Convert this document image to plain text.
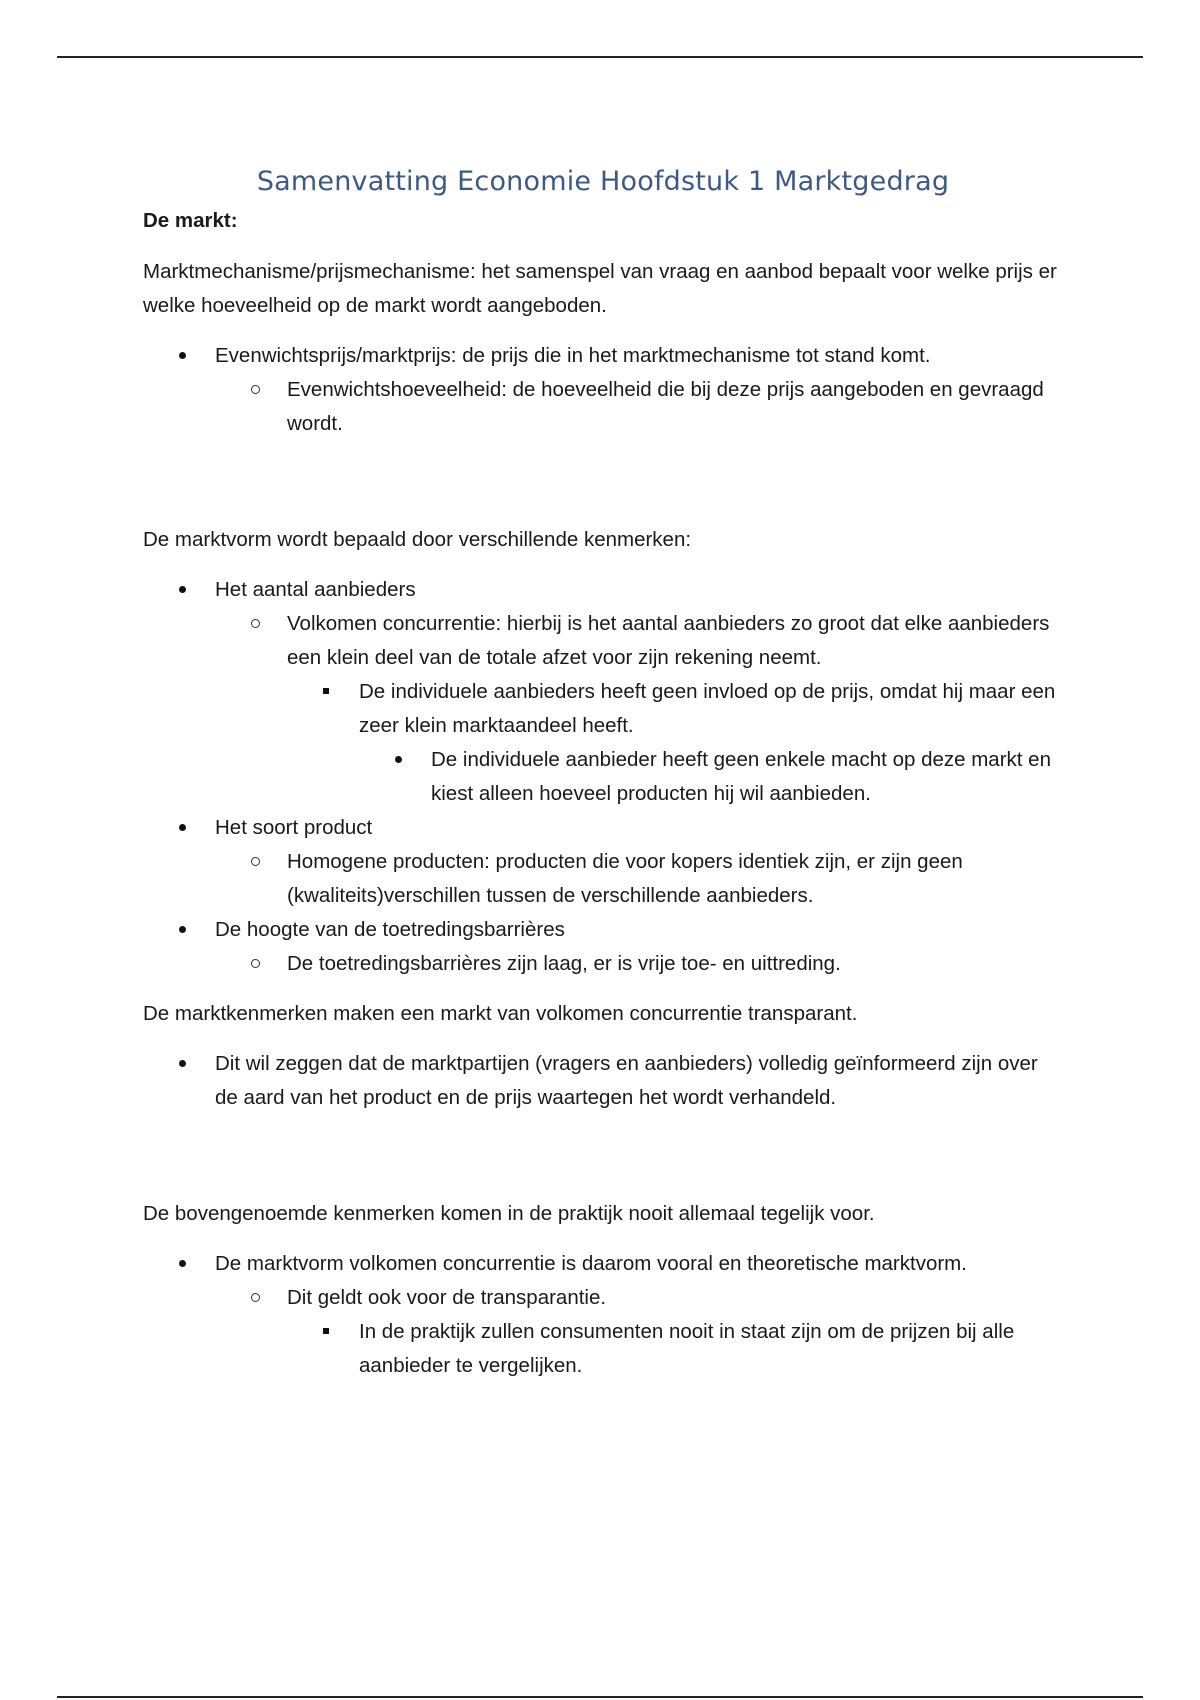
Samenvatting Economie Hoofdstuk 1 Marktgedrag

De markt:

Marktmechanisme/prijsmechanisme: het samenspel van vraag en aanbod bepaalt voor welke prijs er welke hoeveelheid op de markt wordt aangeboden.

Evenwichtsprijs/marktprijs: de prijs die in het marktmechanisme tot stand komt.
Evenwichtshoeveelheid: de hoeveelheid die bij deze prijs aangeboden en gevraagd wordt.

De marktvorm wordt bepaald door verschillende kenmerken:

Het aantal aanbieders
Volkomen concurrentie: hierbij is het aantal aanbieders zo groot dat elke aanbieders een klein deel van de totale afzet voor zijn rekening neemt.
De individuele aanbieders heeft geen invloed op de prijs, omdat hij maar een zeer klein marktaandeel heeft.
De individuele aanbieder heeft geen enkele macht op deze markt en kiest alleen hoeveel producten hij wil aanbieden.
Het soort product
Homogene producten: producten die voor kopers identiek zijn, er zijn geen (kwaliteits)verschillen tussen de verschillende aanbieders.
De hoogte van de toetredingsbarrières
De toetredingsbarrières zijn laag, er is vrije toe- en uittreding.

De marktkenmerken maken een markt van volkomen concurrentie transparant.

Dit wil zeggen dat de marktpartijen (vragers en aanbieders) volledig geïnformeerd zijn over de aard van het product en de prijs waartegen het wordt verhandeld.

De bovengenoemde kenmerken komen in de praktijk nooit allemaal tegelijk voor.

De marktvorm volkomen concurrentie is daarom vooral en theoretische marktvorm.
Dit geldt ook voor de transparantie.
In de praktijk zullen consumenten nooit in staat zijn om de prijzen bij alle aanbieder te vergelijken.
